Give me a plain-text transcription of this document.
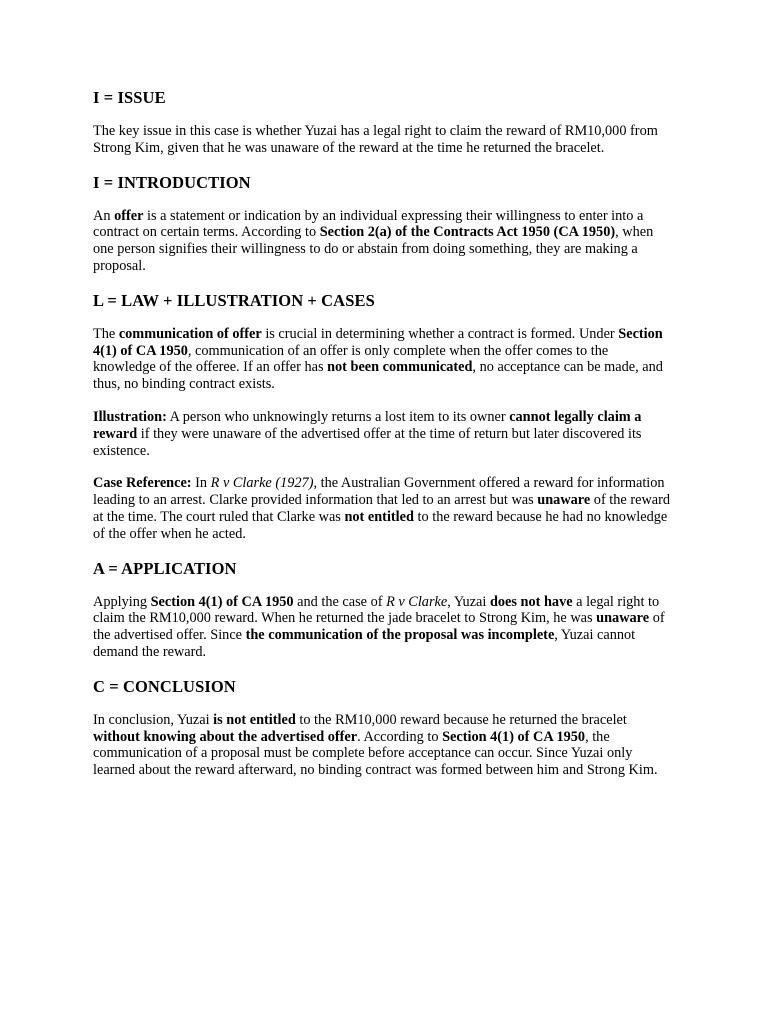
I = ISSUE

The key issue in this case is whether Yuzai has a legal right to claim the reward of RM10,000 from Strong Kim, given that he was unaware of the reward at the time he returned the bracelet.

I = INTRODUCTION

An offer is a statement or indication by an individual expressing their willingness to enter into a contract on certain terms. According to Section 2(a) of the Contracts Act 1950 (CA 1950), when one person signifies their willingness to do or abstain from doing something, they are making a proposal.

L = LAW + ILLUSTRATION + CASES

The communication of offer is crucial in determining whether a contract is formed. Under Section 4(1) of CA 1950, communication of an offer is only complete when the offer comes to the knowledge of the offeree. If an offer has not been communicated, no acceptance can be made, and thus, no binding contract exists.

Illustration: A person who unknowingly returns a lost item to its owner cannot legally claim a reward if they were unaware of the advertised offer at the time of return but later discovered its existence.

Case Reference: In R v Clarke (1927), the Australian Government offered a reward for information leading to an arrest. Clarke provided information that led to an arrest but was unaware of the reward at the time. The court ruled that Clarke was not entitled to the reward because he had no knowledge of the offer when he acted.

A = APPLICATION

Applying Section 4(1) of CA 1950 and the case of R v Clarke, Yuzai does not have a legal right to claim the RM10,000 reward. When he returned the jade bracelet to Strong Kim, he was unaware of the advertised offer. Since the communication of the proposal was incomplete, Yuzai cannot demand the reward.

C = CONCLUSION

In conclusion, Yuzai is not entitled to the RM10,000 reward because he returned the bracelet without knowing about the advertised offer. According to Section 4(1) of CA 1950, the communication of a proposal must be complete before acceptance can occur. Since Yuzai only learned about the reward afterward, no binding contract was formed between him and Strong Kim.
